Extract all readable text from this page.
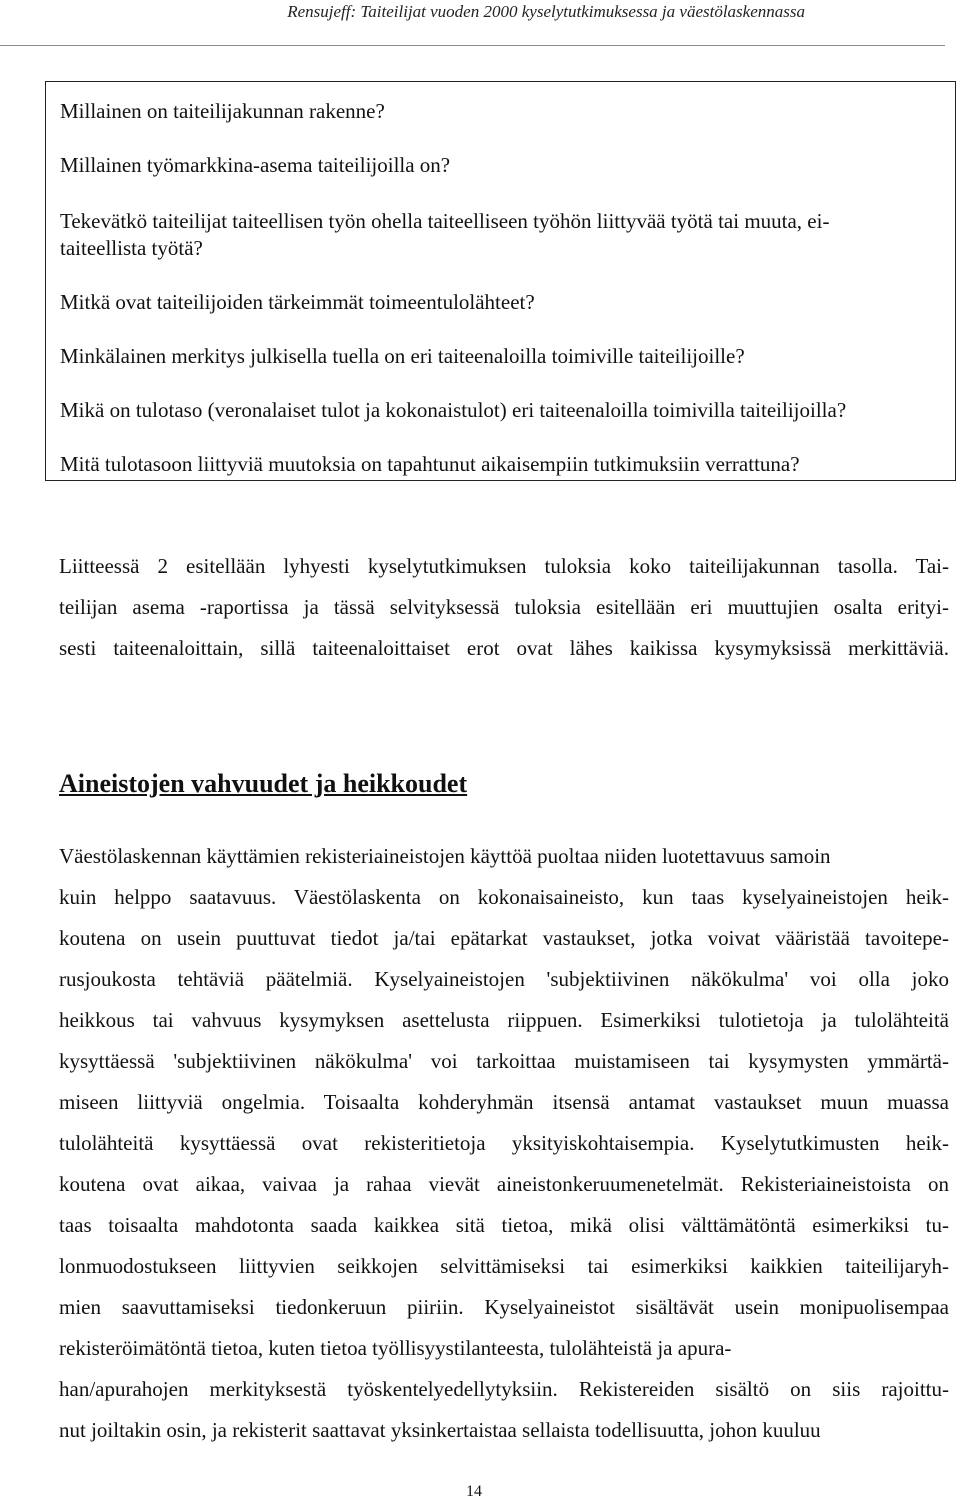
Rensujeff: Taiteilijat vuoden 2000 kyselytutkimuksessa ja väestölaskennassa

Millainen on taiteilijakunnan rakenne?

Millainen työmarkkina-asema taiteilijoilla on?

Tekevätkö taiteilijat taiteellisen työn ohella taiteelliseen työhön liittyvää työtä tai muuta, ei-

taiteellista työtä?

Mitkä ovat taiteilijoiden tärkeimmät toimeentulolähteet?

Minkälainen merkitys julkisella tuella on eri taiteenaloilla toimiville taiteilijoille?

Mikä on tulotaso (veronalaiset tulot ja kokonaistulot) eri taiteenaloilla toimivilla taiteilijoilla?

Mitä tulotasoon liittyviä muutoksia on tapahtunut aikaisempiin tutkimuksiin verrattuna?

Liitteessä 2 esitellään lyhyesti kyselytutkimuksen tuloksia koko taiteilijakunnan tasolla. Tai-
teilijan asema -raportissa ja tässä selvityksessä tuloksia esitellään eri muuttujien osalta erityi-
sesti taiteenaloittain, sillä taiteenaloittaiset erot ovat lähes kaikissa kysymyksissä merkittäviä.

Aineistojen vahvuudet ja heikkoudet

Väestölaskennan käyttämien rekisteriaineistojen käyttöä puoltaa niiden luotettavuus samoin
kuin helppo saatavuus. Väestölaskenta on kokonaisaineisto, kun taas kyselyaineistojen heik-
koutena on usein puuttuvat tiedot ja/tai epätarkat vastaukset, jotka voivat vääristää tavoitepe-
rusjoukosta tehtäviä päätelmiä. Kyselyaineistojen 'subjektiivinen näkökulma' voi olla joko
heikkous tai vahvuus kysymyksen asettelusta riippuen. Esimerkiksi tulotietoja ja tulolähteitä
kysyttäessä 'subjektiivinen näkökulma' voi tarkoittaa muistamiseen tai kysymysten ymmärtä-
miseen liittyviä ongelmia. Toisaalta kohderyhmän itsensä antamat vastaukset muun muassa
tulolähteitä kysyttäessä ovat rekisteritietoja yksityiskohtaisempia. Kyselytutkimusten heik-
koutena ovat aikaa, vaivaa ja rahaa vievät aineistonkeruumenetelmät. Rekisteriaineistoista on
taas toisaalta mahdotonta saada kaikkea sitä tietoa, mikä olisi välttämätöntä esimerkiksi tu-
lonmuodostukseen liittyvien seikkojen selvittämiseksi tai esimerkiksi kaikkien taiteilijaryh-
mien saavuttamiseksi tiedonkeruun piiriin. Kyselyaineistot sisältävät usein monipuolisempaa
rekisteröimätöntä tietoa, kuten tietoa työllisyystilanteesta, tulolähteistä ja apura-
han/apurahojen merkityksestä työskentelyedellytyksiin. Rekistereiden sisältö on siis rajoittu-
nut joiltakin osin, ja rekisterit saattavat yksinkertaistaa sellaista todellisuutta, johon kuuluu

14
